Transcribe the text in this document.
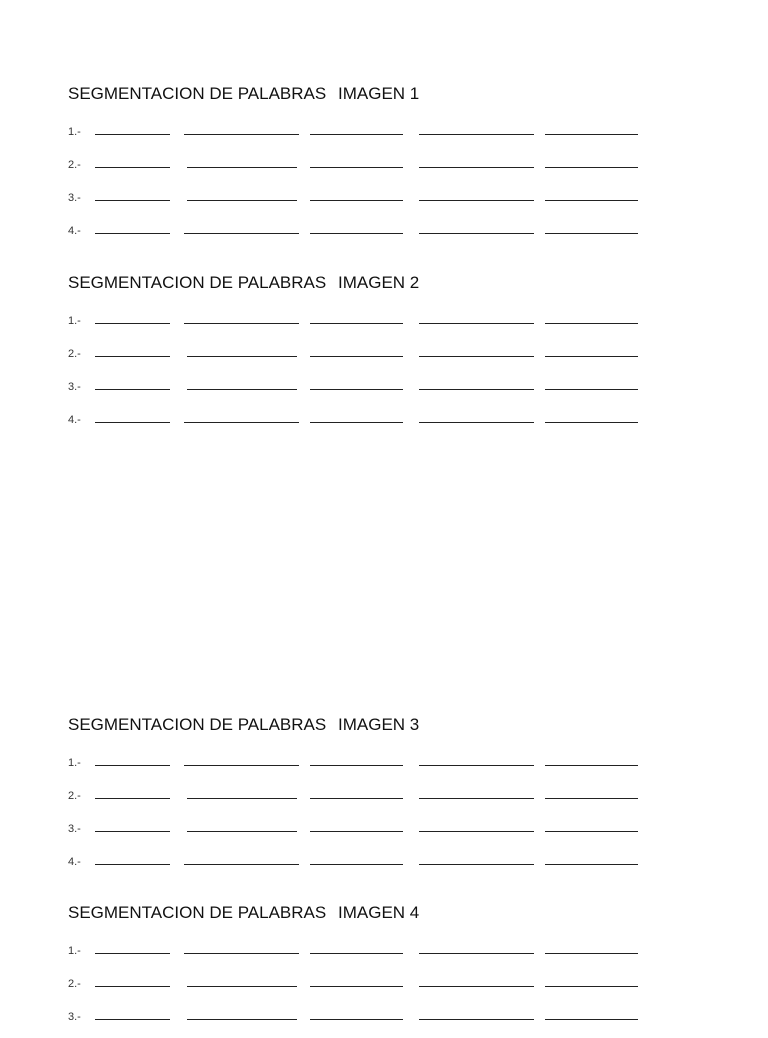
SEGMENTACION DE PALABRAS IMAGEN 1
1.-
2.-
3.-
4.-
SEGMENTACION DE PALABRAS IMAGEN 2
1.-
2.-
3.-
4.-
SEGMENTACION DE PALABRAS IMAGEN 3
1.-
2.-
3.-
4.-
SEGMENTACION DE PALABRAS IMAGEN 4
1.-
2.-
3.-
